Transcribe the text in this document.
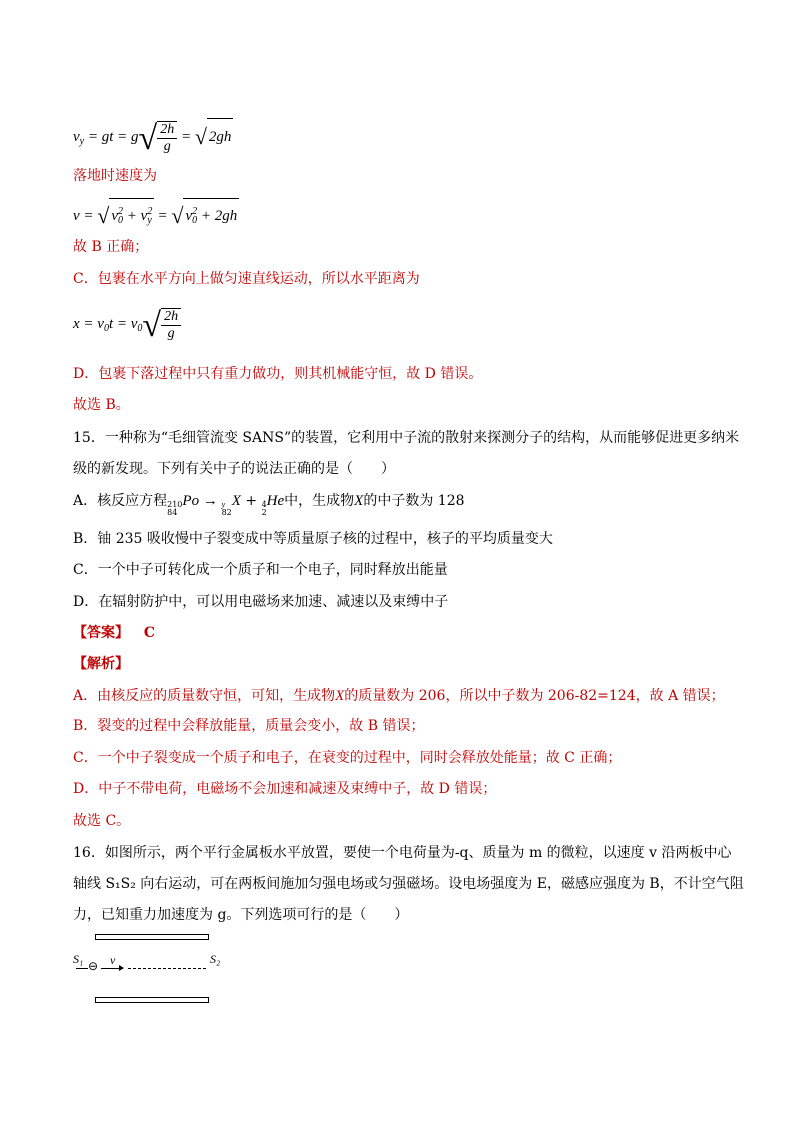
$v_y$ = gt = $g√ \frac{2h}{g}$ = √ 2gh
落地时速度为
v = √ $v^2_0 + v^2_y$ = √ $v^2_0 + 2gh$
故 B 正确；
C．包裹在水平方向上做匀速直线运动，所以水平距离为
$x = v_0t = v_0√ \frac{2h}{g}$
D．包裹下落过程中只有重力做功，则其机械能守恒，故 D 错误。
故选 B。
15．一种称为“毛细管流变 SANS”的装置，它利用中子流的散射来探测分子的结构，从而能够促进更多纳米
级的新发现。下列有关中子的说法正确的是（　　）
A．核反应方程 210
84
Po → y
82
X + 4
2
He中，生成物X的中子数为 128
B．铀 235 吸收慢中子裂变成中等质量原子核的过程中，核子的平均质量变大
C．一个中子可转化成一个质子和一个电子，同时释放出能量
D．在辐射防护中，可以用电磁场来加速、减速以及束缚中子
【答案】 C
【解析】
A．由核反应的质量数守恒，可知，生成物X的质量数为 206，所以中子数为 206-82=124，故 A 错误；
B．裂变的过程中会释放能量，质量会变小，故 B 错误；
C．一个中子裂变成一个质子和电子，在衰变的过程中，同时会释放处能量；故 C 正确；
D．中子不带电荷，电磁场不会加速和减速及束缚中子，故 D 错误；
故选 C。
16．如图所示，两个平行金属板水平放置，要使一个电荷量为-q、质量为 m 的微粒，以速度 v 沿两板中心
轴线 S₁S₂ 向右运动，可在两板间施加匀强电场或匀强磁场。设电场强度为 E，磁感应强度为 B，不计空气阻
力，已知重力加速度为 g。下列选项可行的是（　　）
S₁	S₂
⊖ v
